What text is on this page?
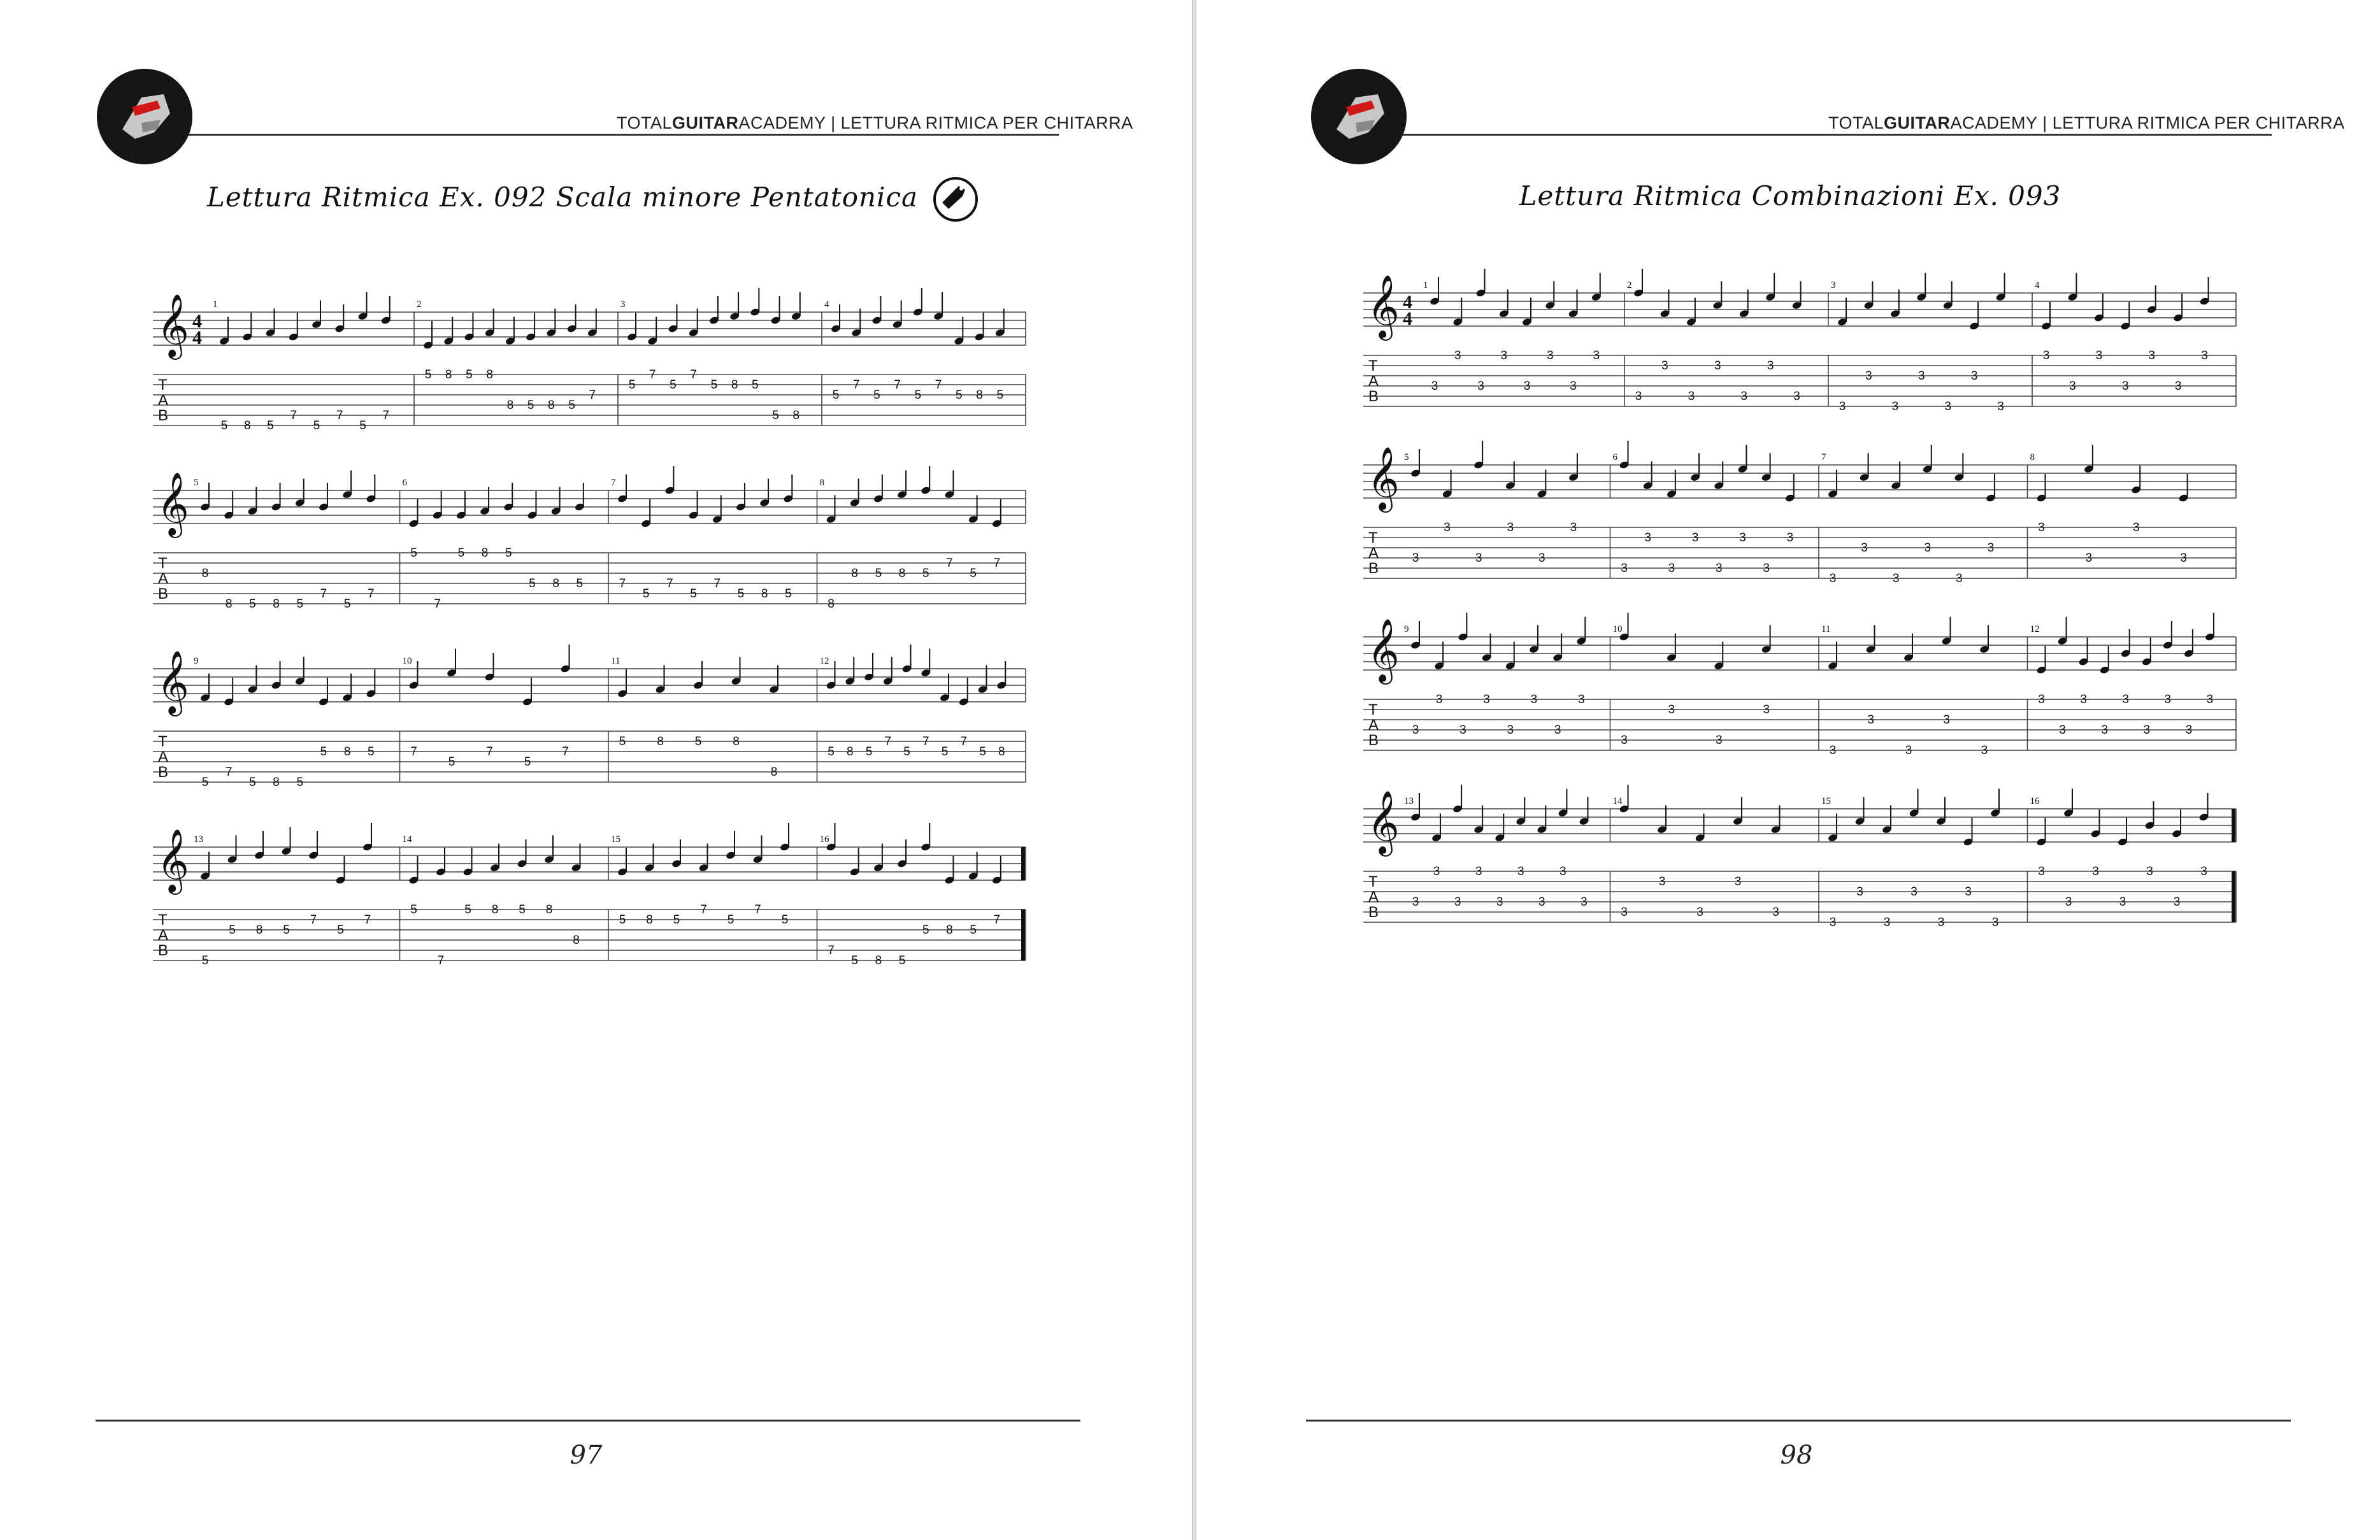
TOTALGUITARACADEMY | LETTURA RITMICA PER CHITARRA
Lettura Ritmica Ex. 092 Scala minore Pentatonica
𝄞
T
A
B
4
4
1
5 8 5
7
5
7
5
7
2
5 8 5 8
8 5 8 5
7
3
5
7
5
7
5 8 5
5 8
4
5
7
5
7
5
7
5 8 5
𝄞
T
A
B
5
8
8 5 8 5
7
5
7
6
5
7
5 8 5
5 8 5
7
7
5
7
5
7
5 8 5
8
8
8 5 8 5
7
5
7
𝄞
T
A
B
9
5
7
5 8 5
5 8 5
10
7
5
7
5
7
11
5	8	5	8
8
12
5 8 5
7
5
7
5
7
5 8
𝄞
T
A
B
13
5
5 8 5
7
5
7
14
5
7
5 8 5 8
8
15
5 8 5
7
5
7
5
16
7
5 8 5
5 8 5
7
97
TOTALGUITARACADEMY | LETTURA RITMICA PER CHITARRA
Lettura Ritmica Combinazioni Ex. 093
𝄞
T
A
B
4
4
1
3
3
3
3
3
3
3
3
2
3
3
3
3
3
3
3
3
3
3
3
3
3
3
3
4
3
3
3
3
3
3
3
𝄞
T
A
B
5
3
3
3
3
3
3
6
3
3
3
3
3
3
3
3
7
3
3
3
3
3
3
8
3
3
3
3
𝄞
T
A
B
9
3
3
3
3
3
3
3
3
10
3
3
3
3
11
3
3
3
3
3
12
3
3
3
3
3
3
3
3
3
𝄞
T
A
B
13
3
3
3
3
3
3
3
3
3
14
3
3
3
3
3
15
3
3
3
3
3
3
3
16
3
3
3
3
3
3
3
98
